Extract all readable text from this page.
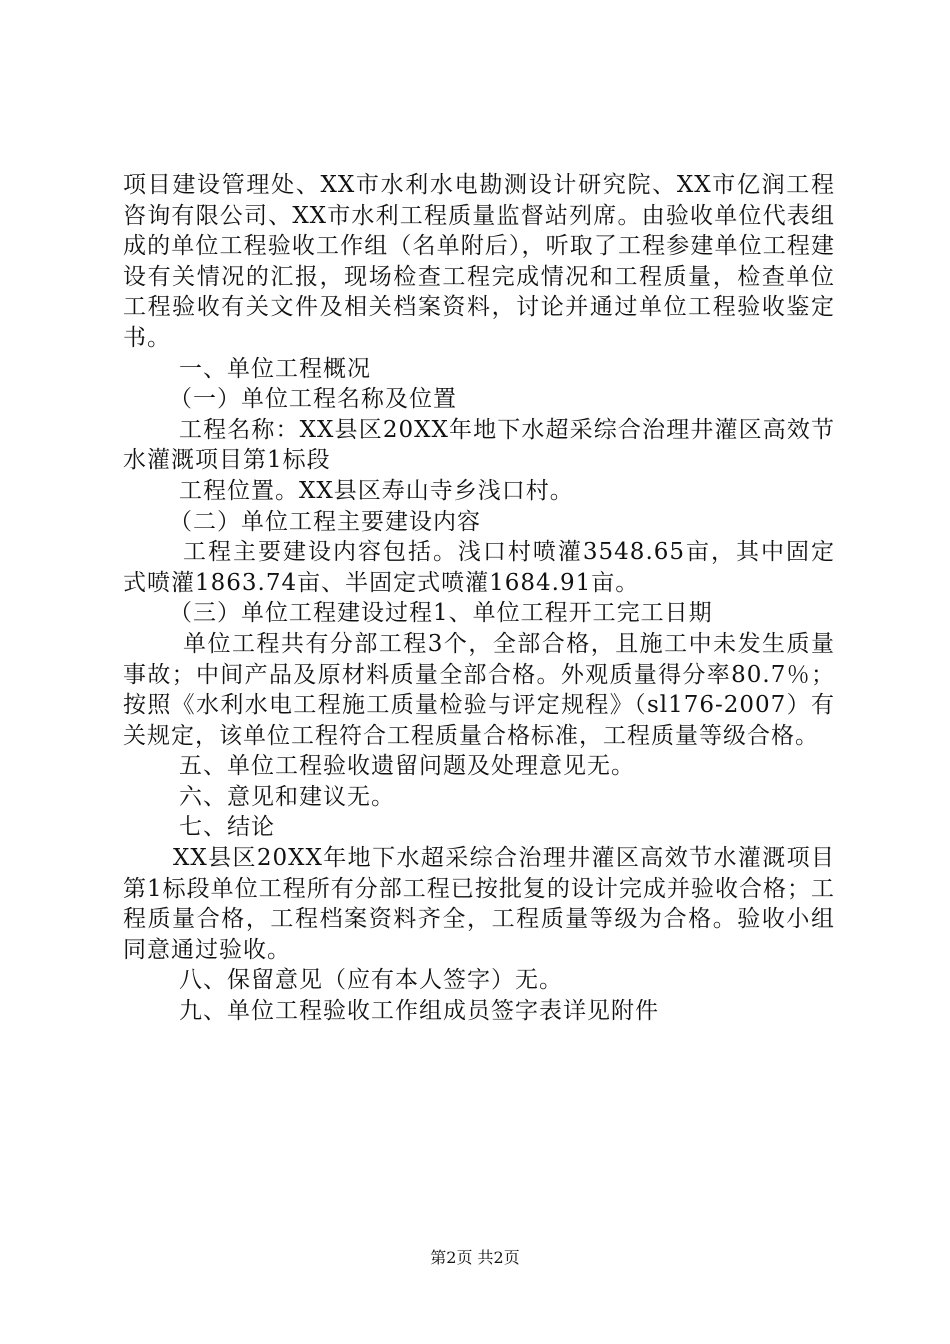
项目建设管理处、XX市水利水电勘测设计研究院、XX市亿润工程咨询有限公司、XX市水利工程质量监督站列席。由验收单位代表组成的单位工程验收工作组（名单附后），听取了工程参建单位工程建设有关情况的汇报，现场检查工程完成情况和工程质量，检查单位工程验收有关文件及相关档案资料，讨论并通过单位工程验收鉴定书。

一、单位工程概况

（一）单位工程名称及位置

工程名称：XX县区20XX年地下水超采综合治理井灌区高效节水灌溉项目第1标段

工程位置。XX县区寿山寺乡浅口村。

（二）单位工程主要建设内容

工程主要建设内容包括。浅口村喷灌3548.65亩，其中固定式喷灌1863.74亩、半固定式喷灌1684.91亩。

（三）单位工程建设过程1、单位工程开工完工日期

单位工程共有分部工程3个，全部合格，且施工中未发生质量事故；中间产品及原材料质量全部合格。外观质量得分率80.7％；按照《水利水电工程施工质量检验与评定规程》（sl176-2007）有关规定，该单位工程符合工程质量合格标准，工程质量等级合格。

五、单位工程验收遗留问题及处理意见无。

六、意见和建议无。

七、结论

XX县区20XX年地下水超采综合治理井灌区高效节水灌溉项目第1标段单位工程所有分部工程已按批复的设计完成并验收合格；工程质量合格，工程档案资料齐全，工程质量等级为合格。验收小组同意通过验收。

八、保留意见（应有本人签字）无。

九、单位工程验收工作组成员签字表详见附件

第2页 共2页
